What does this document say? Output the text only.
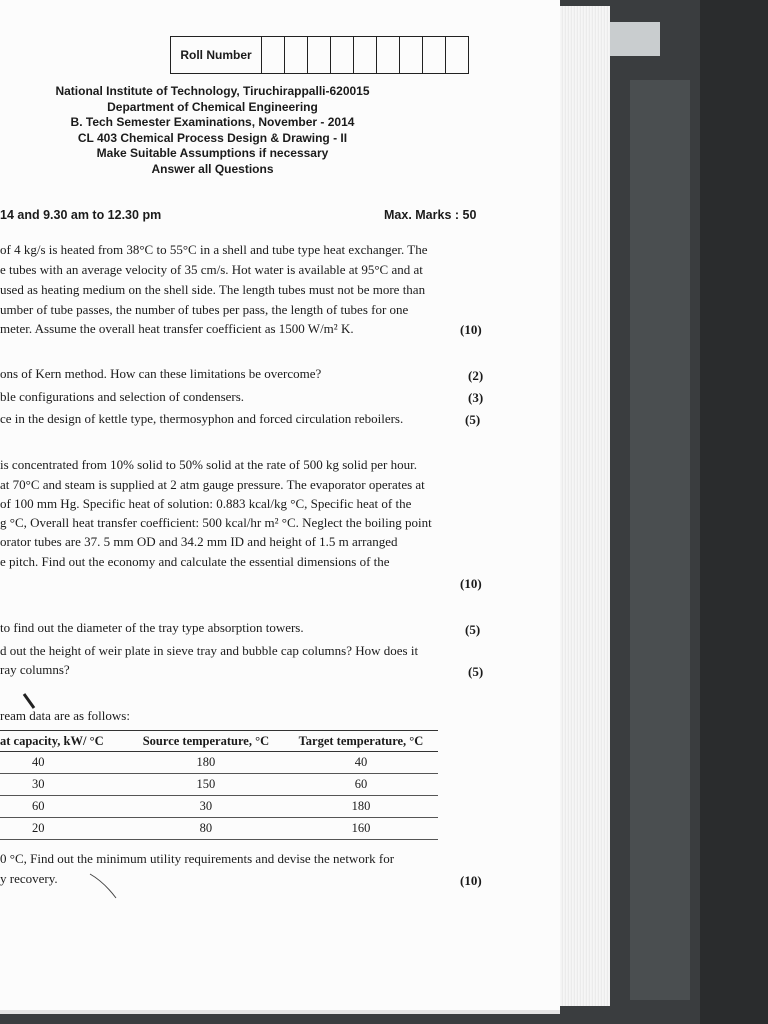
Roll Number
National Institute of Technology, Tiruchirappalli-620015
Department of Chemical Engineering
B. Tech Semester Examinations, November - 2014
CL 403 Chemical Process Design & Drawing - II
Make Suitable Assumptions if necessary
Answer all Questions
14 and 9.30 am to 12.30 pm	Max. Marks : 50
of 4 kg/s is heated from 38°C to 55°C in a shell and tube type heat exchanger. The
e tubes with an average velocity of 35 cm/s. Hot water is available at 95°C and at
used as heating medium on the shell side. The length tubes must not be more than
umber of tube passes, the number of tubes per pass, the length of tubes for one
meter. Assume the overall heat transfer coefficient as 1500 W/m² K.	(10)
ons of Kern method. How can these limitations be overcome?	(2)
ble configurations and selection of condensers.	(3)
ce in the design of kettle type, thermosyphon and forced circulation reboilers.	(5)
is concentrated from 10% solid to 50% solid at the rate of 500 kg solid per hour.
at 70°C and steam is supplied at 2 atm gauge pressure. The evaporator operates at
of 100 mm Hg. Specific heat of solution: 0.883 kcal/kg °C, Specific heat of the
g °C, Overall heat transfer coefficient: 500 kcal/hr m² °C. Neglect the boiling point
orator tubes are 37. 5 mm OD and 34.2 mm ID and height of 1.5 m arranged
e pitch. Find out the economy and calculate the essential dimensions of the
(10)
to find out the diameter of the tray type absorption towers.	(5)
d out the height of weir plate in sieve tray and bubble cap columns? How does it
ray columns?	(5)
ream data are as follows:
at capacity, kW/ °C	Source temperature, °C	Target temperature, °C
40	180	40
30	150	60
60	30	180
20	80	160
0 °C, Find out the minimum utility requirements and devise the network for
y recovery.	(10)
